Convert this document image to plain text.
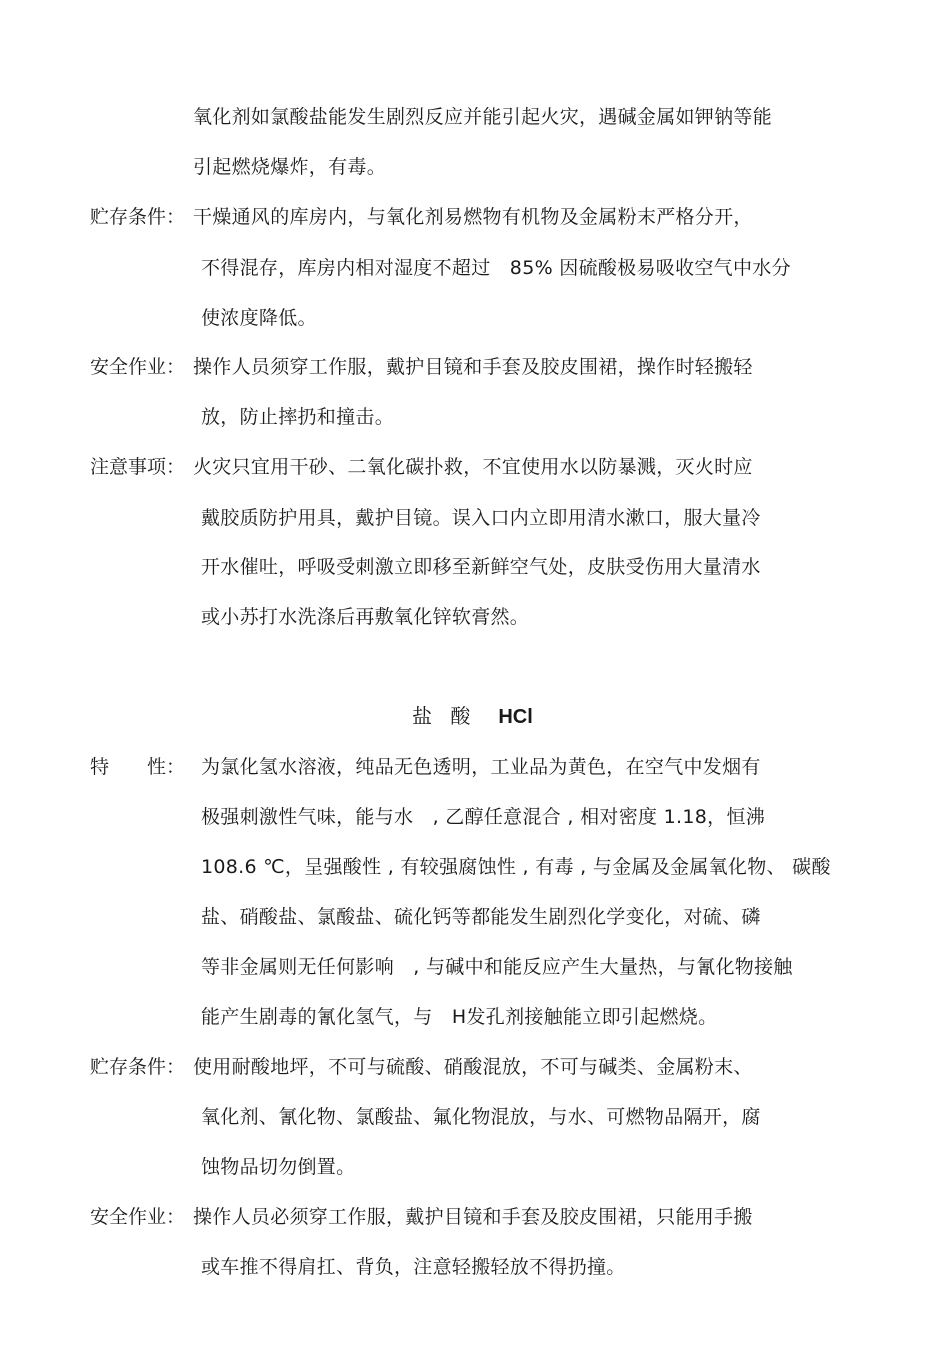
氧化剂如氯酸盐能发生剧烈反应并能引起火灾，遇碱金属如钾钠等能
引起燃烧爆炸，有毒。
贮存条件： 干燥通风的库房内，与氧化剂易燃物有机物及金属粉末严格分开，
不得混存，库房内相对湿度不超过　85% 因硫酸极易吸收空气中水分
使浓度降低。
安全作业： 操作人员须穿工作服，戴护目镜和手套及胶皮围裙，操作时轻搬轻
放，防止摔扔和撞击。
注意事项： 火灾只宜用干砂、二氧化碳扑救，不宜使用水以防暴溅，灭火时应
戴胶质防护用具，戴护目镜。误入口内立即用清水漱口，服大量冷
开水催吐，呼吸受刺激立即移至新鲜空气处，皮肤受伤用大量清水
或小苏打水洗涤后再敷氧化锌软膏然。
盐 酸 HCl
特　　性： 为氯化氢水溶液，纯品无色透明，工业品为黄色，在空气中发烟有
极强刺激性气味，能与水　, 乙醇任意混合 , 相对密度 1.18，恒沸
108.6 ℃，呈强酸性 , 有较强腐蚀性 , 有毒 , 与金属及金属氧化物、 碳酸
盐、硝酸盐、氯酸盐、硫化钙等都能发生剧烈化学变化，对硫、磷
等非金属则无任何影响　, 与碱中和能反应产生大量热，与氰化物接触
能产生剧毒的氰化氢气，与　H发孔剂接触能立即引起燃烧。
贮存条件： 使用耐酸地坪，不可与硫酸、硝酸混放，不可与碱类、金属粉末、
氧化剂、氰化物、氯酸盐、氟化物混放，与水、可燃物品隔开，腐
蚀物品切勿倒置。
安全作业： 操作人员必须穿工作服，戴护目镜和手套及胶皮围裙，只能用手搬
或车推不得肩扛、背负，注意轻搬轻放不得扔撞。
